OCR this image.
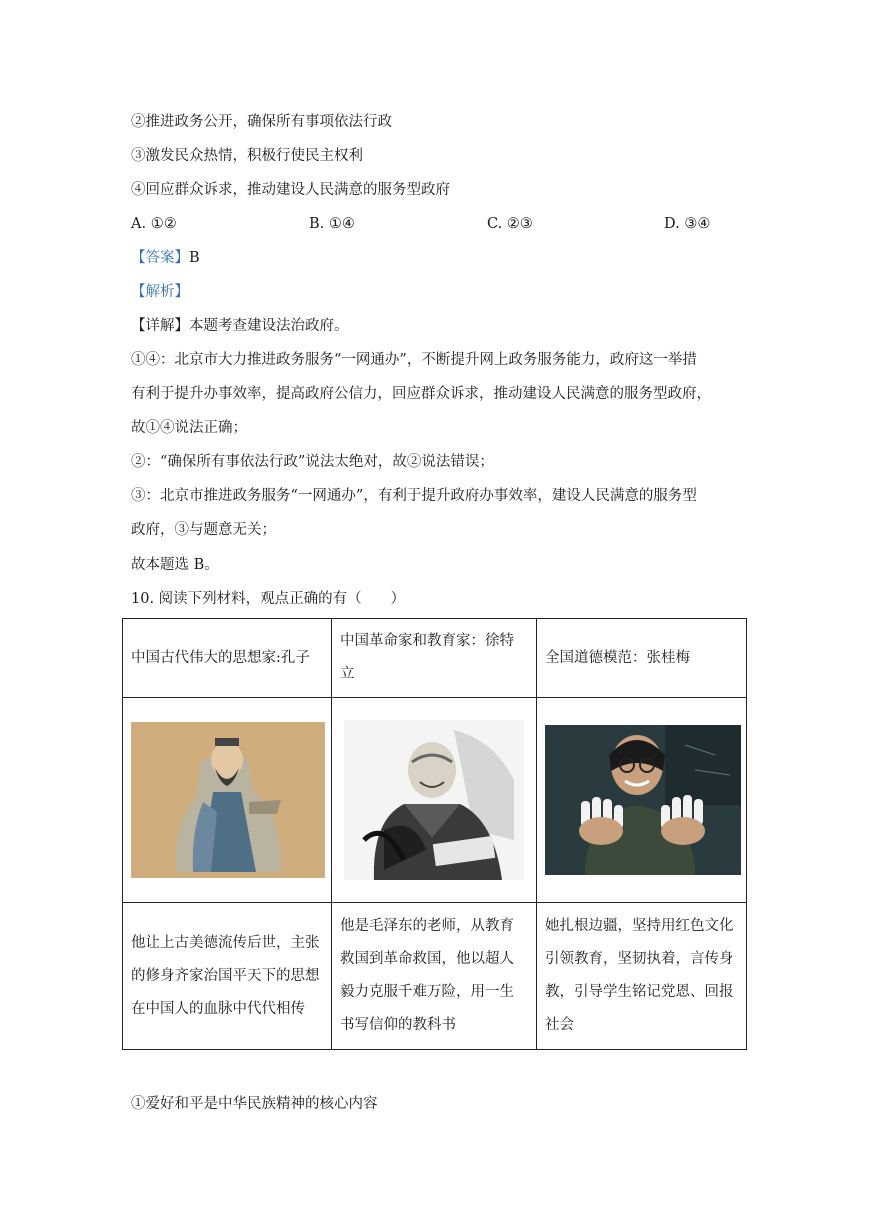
②推进政务公开，确保所有事项依法行政
③激发民众热情，积极行使民主权利
④回应群众诉求，推动建设人民满意的服务型政府
A. ①②	B. ①④	C. ②③	D. ③④
【答案】B
【解析】
【详解】本题考查建设法治政府。
①④：北京市大力推进政务服务“一网通办”，不断提升网上政务服务能力，政府这一举措
有利于提升办事效率，提高政府公信力，回应群众诉求，推动建设人民满意的服务型政府，
故①④说法正确；
②：“确保所有事依法行政”说法太绝对，故②说法错误；
③：北京市推进政务服务“一网通办”，有利于提升政府办事效率，建设人民满意的服务型
政府，③与题意无关；
故本题选 B。
10. 阅读下列材料，观点正确的有（　　）
中国古代伟大的思想家:孔子	中国革命家和教育家：徐特立	全国道德模范：张桂梅

他让上古美德流传后世，主张的修身齐家治国平天下的思想在中国人的血脉中代代相传	他是毛泽东的老师，从教育救国到革命救国，他以超人毅力克服千难万险，用一生书写信仰的教科书	她扎根边疆，坚持用红色文化引领教育，坚韧执着，言传身教，引导学生铭记党恩、回报社会
①爱好和平是中华民族精神的核心内容
